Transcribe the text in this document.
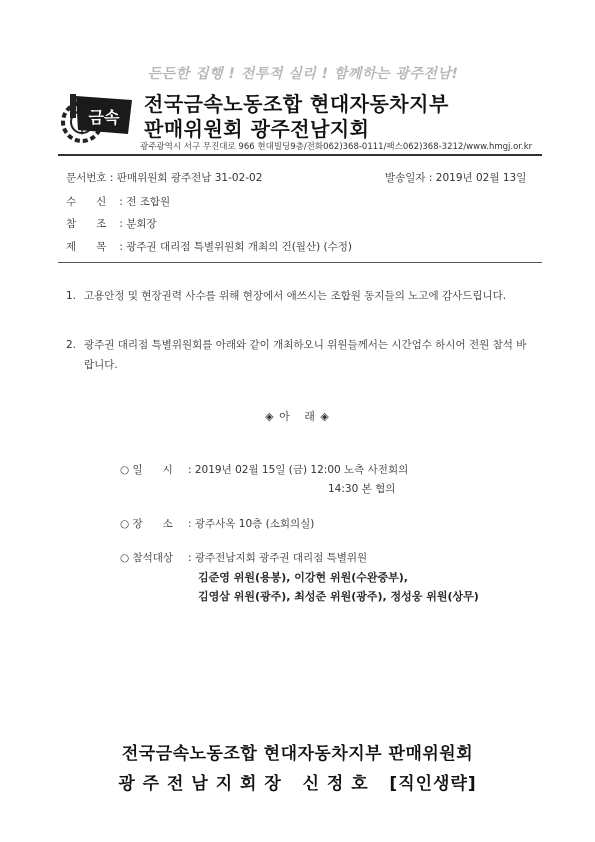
든든한 집행 ! 전투적 실리 ! 함께하는 광주전남!
금속
전국금속노동조합 현대자동차지부
판매위원회 광주전남지회
광주광역시 서구 무진대로 966 현대빌딩9층/전화062)368-0111/팩스062)368-3212/www.hmgj.or.kr
문서번호 : 판매위원회 광주전남 31-02-02	발송일자 : 2019년 02월 13일
수      신 : 전 조합원
참      조 : 분회장
제      목 : 광주권 대리점 특별위원회 개최의 건(월산) (수정)
1. 고용안정 및 현장권력 사수를 위해 현장에서 애쓰시는 조합원 동지들의 노고에 감사드립니다.
2. 광주권 대리점 특별위원회를 아래와 같이 개최하오니 위원들께서는 시간엄수 하시어 전원 참석 바랍니다.
◈ 아   래 ◈
○ 일      시 : 2019년 02월 15일 (금) 12:00 노측 사전회의
14:30 본 협의
○ 장      소 : 광주사옥 10층 (소회의실)
○ 참석대상 : 광주전남지회 광주권 대리점 특별위원
김준영 위원(용봉), 이강현 위원(수완중부),
김영삼 위원(광주), 최성준 위원(광주), 정성웅 위원(상무)
전국금속노동조합 현대자동차지부 판매위원회
광 주 전 남 지 회 장   신 정 호   [직인생략]
